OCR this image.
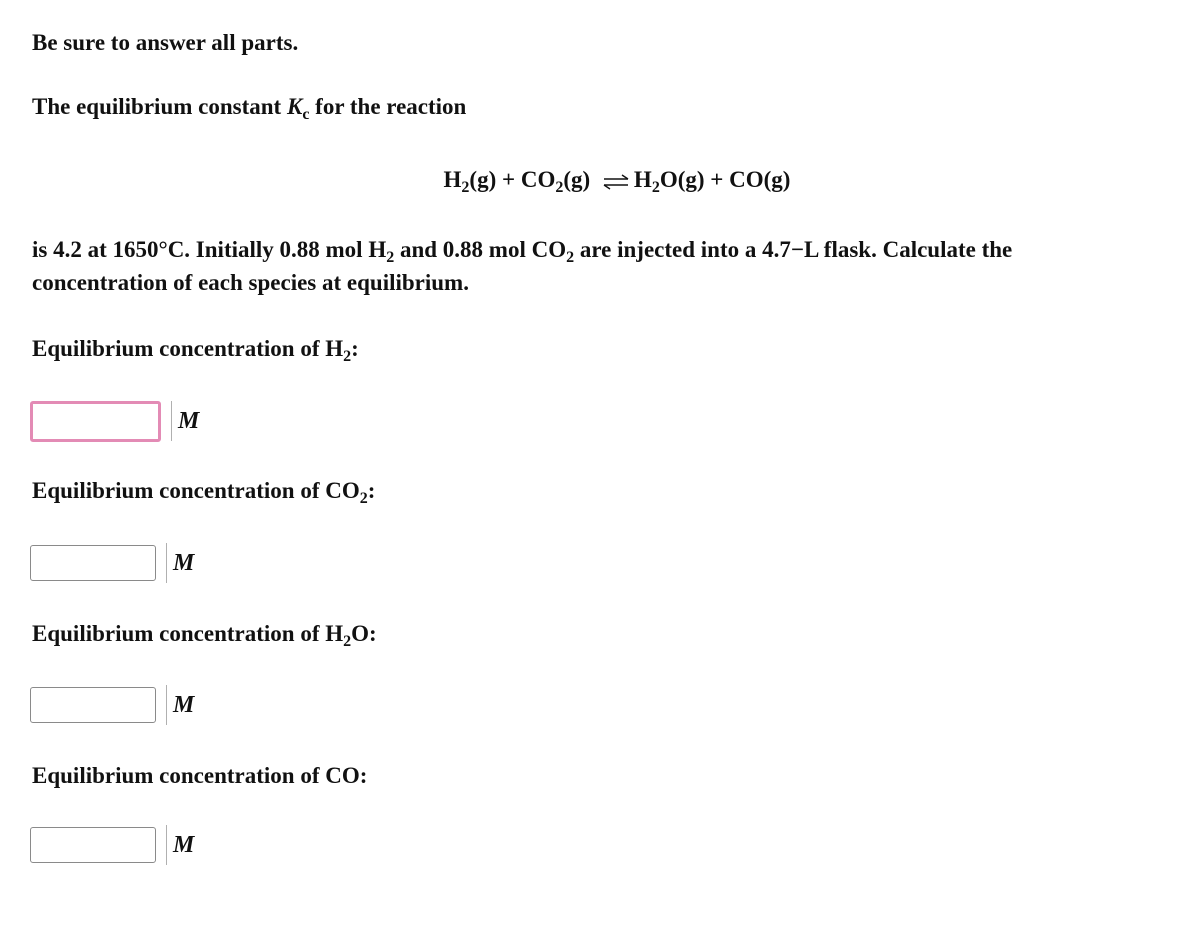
Be sure to answer all parts.
The equilibrium constant $K_c$ for the reaction
$H_2(g) + CO_2(g)$ ⇌ $H_2O(g) + CO(g)$
is 4.2 at 1650°C. Initially 0.88 mol $H_2$ and 0.88 mol $CO_2$ are injected into a 4.7−L flask. Calculate the
concentration of each species at equilibrium.
Equilibrium concentration of $H_2$:
M
Equilibrium concentration of $CO_2$:
M
Equilibrium concentration of $H_2O$:
M
Equilibrium concentration of CO:
M
